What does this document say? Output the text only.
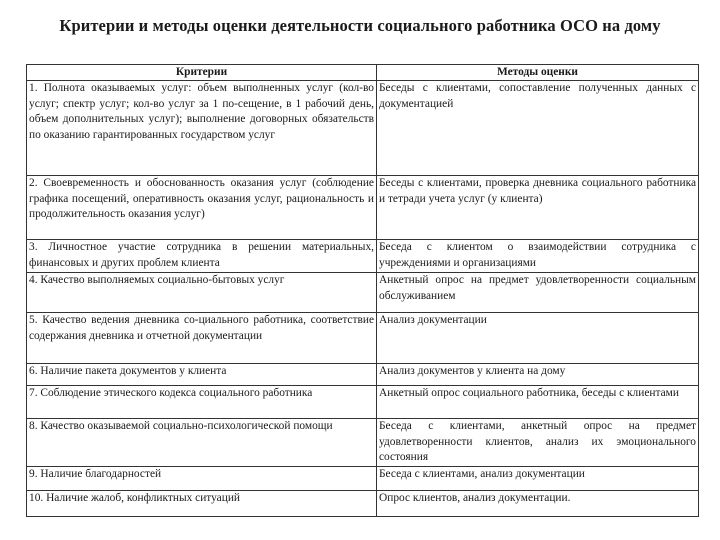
Критерии и методы оценки деятельности социального работника ОСО на дому
Критерии	Методы оценки
1. Полнота оказываемых услуг: объем выполненных услуг (кол-во услуг; спектр услуг; кол-во услуг за 1 по-сещение, в 1 рабочий день, объем дополнительных услуг); выполнение договорных обязательств по оказанию гарантированных государством услуг	Беседы с клиентами, сопоставление полученных данных с документацией
2. Своевременность и обоснованность оказания услуг (соблюдение графика посещений, оперативность оказания услуг, рациональность и продолжительность оказания услуг)	Беседы с клиентами, проверка дневника социального работника и тетради учета услуг (у клиента)
3. Личностное участие сотрудника в решении материальных, финансовых и других проблем клиента	Беседа с клиентом о взаимодействии сотрудника с учреждениями и организациями
4. Качество выполняемых социально-бытовых услуг	Анкетный опрос на предмет удовлетворенности социальным обслуживанием
5. Качество ведения дневника со-циального работника, соответствие содержания дневника и отчетной документации	Анализ документации
6. Наличие пакета документов у клиента	Анализ документов у клиента на дому
7. Соблюдение этического кодекса социального работника	Анкетный опрос социального работника, беседы с клиентами
8. Качество оказываемой социально-психологической помощи	Беседа с клиентами, анкетный опрос на предмет удовлетворенности клиентов, анализ их эмоционального состояния
9. Наличие благодарностей	Беседа с клиентами, анализ документации
10. Наличие жалоб, конфликтных ситуаций	Опрос клиентов, анализ документации.
